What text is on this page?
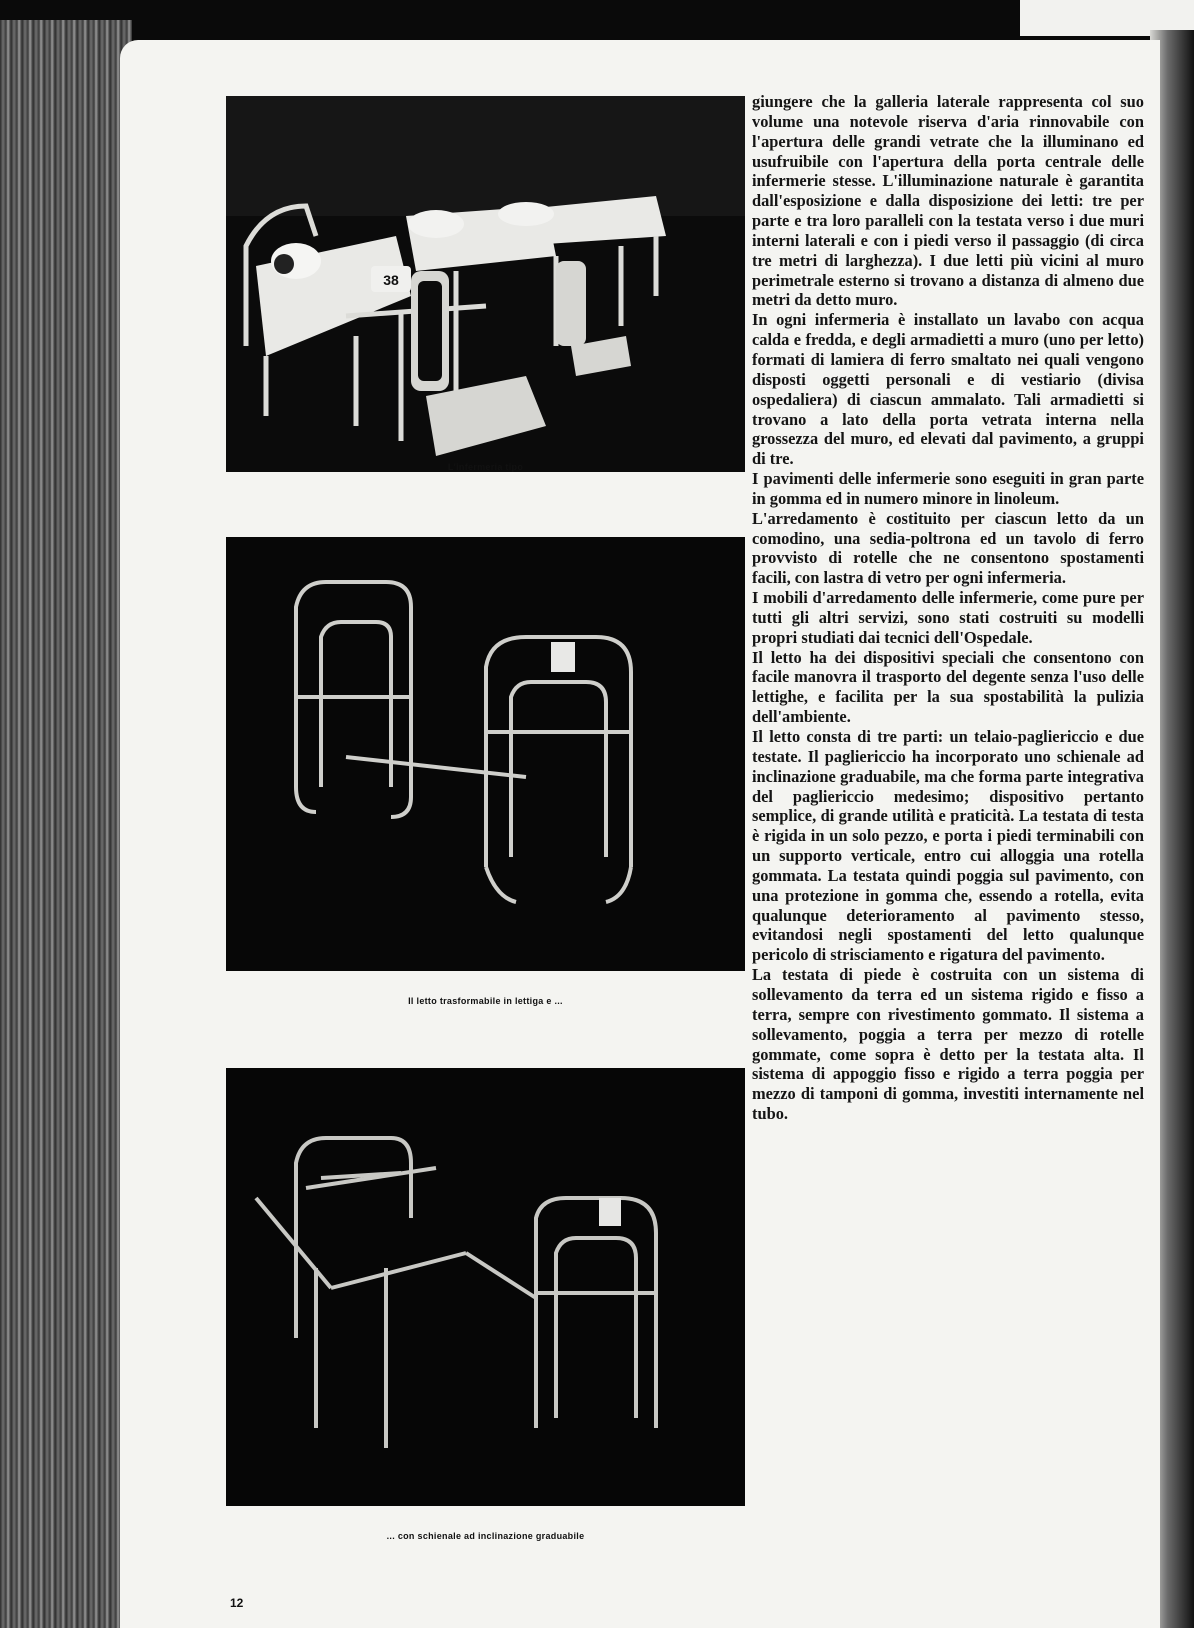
38
L'infermeria tipo
Il letto trasformabile in lettiga e ...
... con schienale ad inclinazione graduabile
12

giungere che la galleria laterale rappresenta col suo volume una notevole riserva d'aria rinnovabile con l'apertura delle grandi vetrate che la illuminano ed usufruibile con l'apertura della porta centrale delle infermerie stesse. L'illuminazione naturale è garantita dall'esposizione e dalla disposizione dei letti: tre per parte e tra loro paralleli con la testata verso i due muri interni laterali e con i piedi verso il passaggio (di circa tre metri di larghezza). I due letti più vicini al muro perimetrale esterno si trovano a distanza di almeno due metri da detto muro.

In ogni infermeria è installato un lavabo con acqua calda e fredda, e degli armadietti a muro (uno per letto) formati di lamiera di ferro smaltato nei quali vengono disposti oggetti personali e di vestiario (divisa ospedaliera) di ciascun ammalato. Tali armadietti si trovano a lato della porta vetrata interna nella grossezza del muro, ed elevati dal pavimento, a gruppi di tre.

I pavimenti delle infermerie sono eseguiti in gran parte in gomma ed in numero minore in linoleum.

L'arredamento è costituito per ciascun letto da un comodino, una sedia-poltrona ed un tavolo di ferro provvisto di rotelle che ne consentono spostamenti facili, con lastra di vetro per ogni infermeria.

I mobili d'arredamento delle infermerie, come pure per tutti gli altri servizi, sono stati costruiti su modelli propri studiati dai tecnici dell'Ospedale.

Il letto ha dei dispositivi speciali che consentono con facile manovra il trasporto del degente senza l'uso delle lettighe, e facilita per la sua spostabilità la pulizia dell'ambiente.

Il letto consta di tre parti: un telaio-pagliericcio e due testate. Il pagliericcio ha incorporato uno schienale ad inclinazione graduabile, ma che forma parte integrativa del pagliericcio medesimo; dispositivo pertanto semplice, di grande utilità e praticità. La testata di testa è rigida in un solo pezzo, e porta i piedi terminabili con un supporto verticale, entro cui alloggia una rotella gommata. La testata quindi poggia sul pavimento, con una protezione in gomma che, essendo a rotella, evita qualunque deterioramento al pavimento stesso, evitandosi negli spostamenti del letto qualunque pericolo di strisciamento e rigatura del pavimento.

La testata di piede è costruita con un sistema di sollevamento da terra ed un sistema rigido e fisso a terra, sempre con rivestimento gommato. Il sistema a sollevamento, poggia a terra per mezzo di rotelle gommate, come sopra è detto per la testata alta. Il sistema di appoggio fisso e rigido a terra poggia per mezzo di tamponi di gomma, investiti internamente nel tubo.
